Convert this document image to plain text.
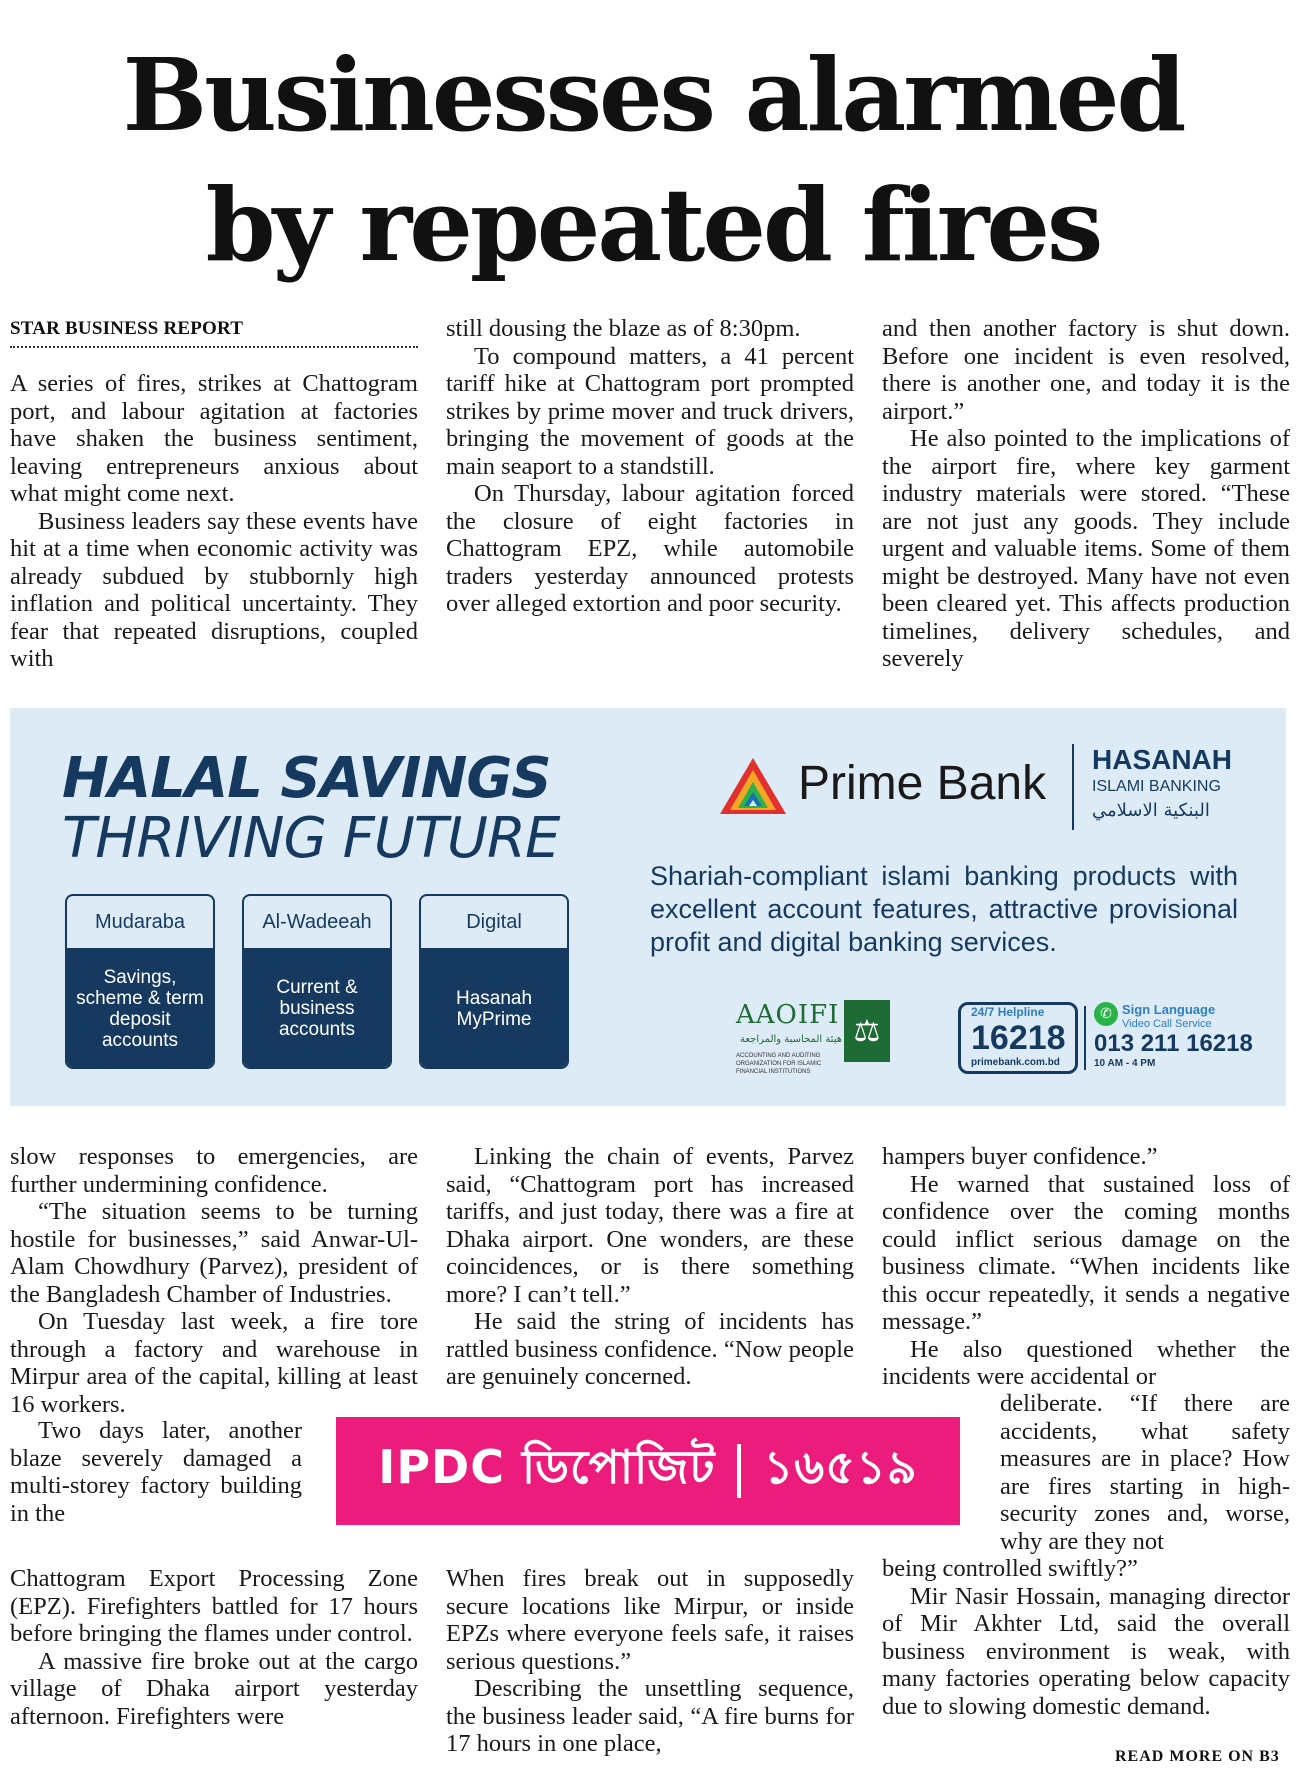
Businesses alarmed
by repeated fires
STAR BUSINESS REPORT

A series of fires, strikes at Chattogram port, and labour agitation at factories have shaken the business sentiment, leaving entrepreneurs anxious about what might come next.

Business leaders say these events have hit at a time when economic activity was already subdued by stubbornly high inflation and political uncertainty. They fear that repeated disruptions, coupled with

still dousing the blaze as of 8:30pm.

To compound matters, a 41 percent tariff hike at Chattogram port prompted strikes by prime mover and truck drivers, bringing the movement of goods at the main seaport to a standstill.

On Thursday, labour agitation forced the closure of eight factories in Chattogram EPZ, while automobile traders yesterday announced protests over alleged extortion and poor security.

and then another factory is shut down. Before one incident is even resolved, there is another one, and today it is the airport.”

He also pointed to the implications of the airport fire, where key garment industry materials were stored. “These are not just any goods. They include urgent and valuable items. Some of them might be destroyed. Many have not even been cleared yet. This affects production timelines, delivery schedules, and severely

HALAL SAVINGS
THRIVING FUTURE
Mudaraba
Savings, scheme & term deposit accounts
Al-Wadeeah
Current & business accounts
Digital
Hasanah MyPrime
Prime Bank HASANAH
ISLAMI BANKING
البنكية الاسلامي
Shariah-compliant islami banking products with excellent account features, attractive provisional profit and digital banking services.
AAOIFI
هيئة المحاسبة والمراجعة
ACCOUNTING AND AUDITING ORGANIZATION FOR ISLAMIC FINANCIAL INSTITUTIONS
⚖
24/7 Helpline
16218
primebank.com.bd
✆ Sign Language
Video Call Service
013 211 16218
10 AM - 4 PM

slow responses to emergencies, are further undermining confidence.

“The situation seems to be turning hostile for businesses,” said Anwar-Ul-Alam Chowdhury (Parvez), president of the Bangladesh Chamber of Industries.

On Tuesday last week, a fire tore through a factory and warehouse in Mirpur area of the capital, killing at least 16 workers.

Two days later, another blaze severely damaged a multi-storey factory building in the

Chattogram Export Processing Zone (EPZ). Firefighters battled for 17 hours before bringing the flames under control.

A massive fire broke out at the cargo village of Dhaka airport yesterday afternoon. Firefighters were

Linking the chain of events, Parvez said, “Chattogram port has increased tariffs, and just today, there was a fire at Dhaka airport. One wonders, are these coincidences, or is there something more? I can’t tell.”

He said the string of incidents has rattled business confidence. “Now people are genuinely concerned.

When fires break out in supposedly secure locations like Mirpur, or inside EPZs where everyone feels safe, it raises serious questions.”

Describing the unsettling sequence, the business leader said, “A fire burns for 17 hours in one place,

hampers buyer confidence.”

He warned that sustained loss of confidence over the coming months could inflict serious damage on the business climate. “When incidents like this occur repeatedly, it sends a negative message.”

He also questioned whether the incidents were accidental or

deliberate. “If there are accidents, what safety measures are in place? How are fires starting in high-security zones and, worse, why are they not

being controlled swiftly?”

Mir Nasir Hossain, managing director of Mir Akhter Ltd, said the overall business environment is weak, with many factories operating below capacity due to slowing domestic demand.

READ MORE ON B3
IPDC ডিপোজিট ১৬৫১৯
